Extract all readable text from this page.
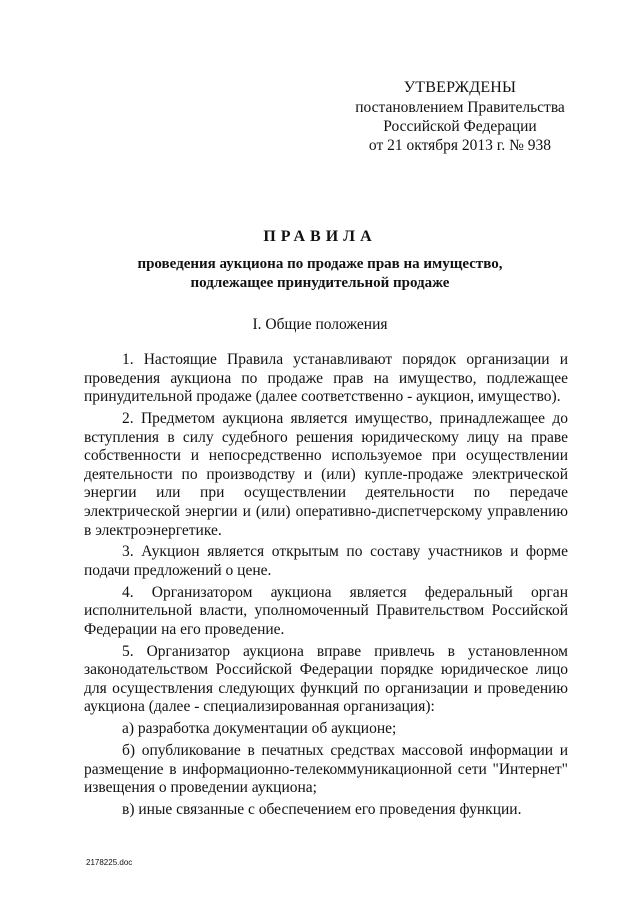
УТВЕРЖДЕНЫ
постановлением Правительства
Российской Федерации
от 21 октября 2013 г. № 938
ПРАВИЛА
проведения аукциона по продаже прав на имущество,
подлежащее принудительной продаже
I. Общие положения

1. Настоящие Правила устанавливают порядок организации и проведения аукциона по продаже прав на имущество, подлежащее принудительной продаже (далее соответственно - аукцион, имущество).

2. Предметом аукциона является имущество, принадлежащее до вступления в силу судебного решения юридическому лицу на праве собственности и непосредственно используемое при осуществлении деятельности по производству и (или) купле-продаже электрической энергии или при осуществлении деятельности по передаче электрической энергии и (или) оперативно-диспетчерскому управлению в электроэнергетике.

3. Аукцион является открытым по составу участников и форме подачи предложений о цене.

4. Организатором аукциона является федеральный орган исполнительной власти, уполномоченный Правительством Российской Федерации на его проведение.

5. Организатор аукциона вправе привлечь в установленном законодательством Российской Федерации порядке юридическое лицо для осуществления следующих функций по организации и проведению аукциона (далее - специализированная организация):

а) разработка документации об аукционе;

б) опубликование в печатных средствах массовой информации и размещение в информационно-телекоммуникационной сети "Интернет" извещения о проведении аукциона;

в) иные связанные с обеспечением его проведения функции.

2178225.doc
